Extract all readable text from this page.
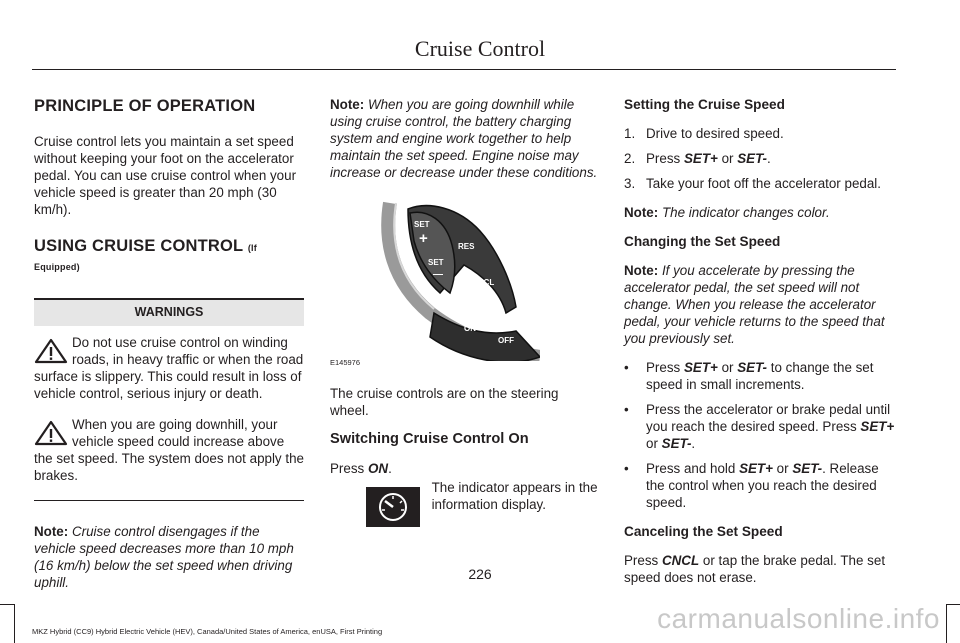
Cruise Control
PRINCIPLE OF OPERATION

Cruise control lets you maintain a set speed without keeping your foot on the accelerator pedal. You can use cruise control when your vehicle speed is greater than 20 mph (30 km/h).

USING CRUISE CONTROL (If Equipped)
WARNINGS
Do not use cruise control on winding roads, in heavy traffic or when the road surface is slippery. This could result in loss of vehicle control, serious injury or death.
When you are going downhill, your vehicle speed could increase above the set speed. The system does not apply the brakes.

Note: Cruise control disengages if the vehicle speed decreases more than 10 mph (16 km/h) below the set speed when driving uphill.

Note: When you are going downhill while using cruise control, the battery charging system and engine work together to help maintain the set speed. Engine noise may increase or decrease under these conditions.

SET
+	RES
SET
—
CNCL
ON
OFF
E145976

The cruise controls are on the steering wheel.

Switching Cruise Control On

Press ON.

The indicator appears in the information display.
Setting the Cruise Speed
1. Drive to desired speed.
2. Press SET+ or SET-.
3. Take your foot off the accelerator pedal.

Note: The indicator changes color.

Changing the Set Speed

Note: If you accelerate by pressing the accelerator pedal, the set speed will not change. When you release the accelerator pedal, your vehicle returns to the speed that you previously set.

• Press SET+ or SET- to change the set speed in small increments.
• Press the accelerator or brake pedal until you reach the desired speed. Press SET+ or SET-.
• Press and hold SET+ or SET-. Release the control when you reach the desired speed.
Canceling the Set Speed

Press CNCL or tap the brake pedal. The set speed does not erase.

226
MKZ Hybrid (CC9) Hybrid Electric Vehicle (HEV), Canada/United States of America, enUSA, First Printing	carmanualsonline.info
